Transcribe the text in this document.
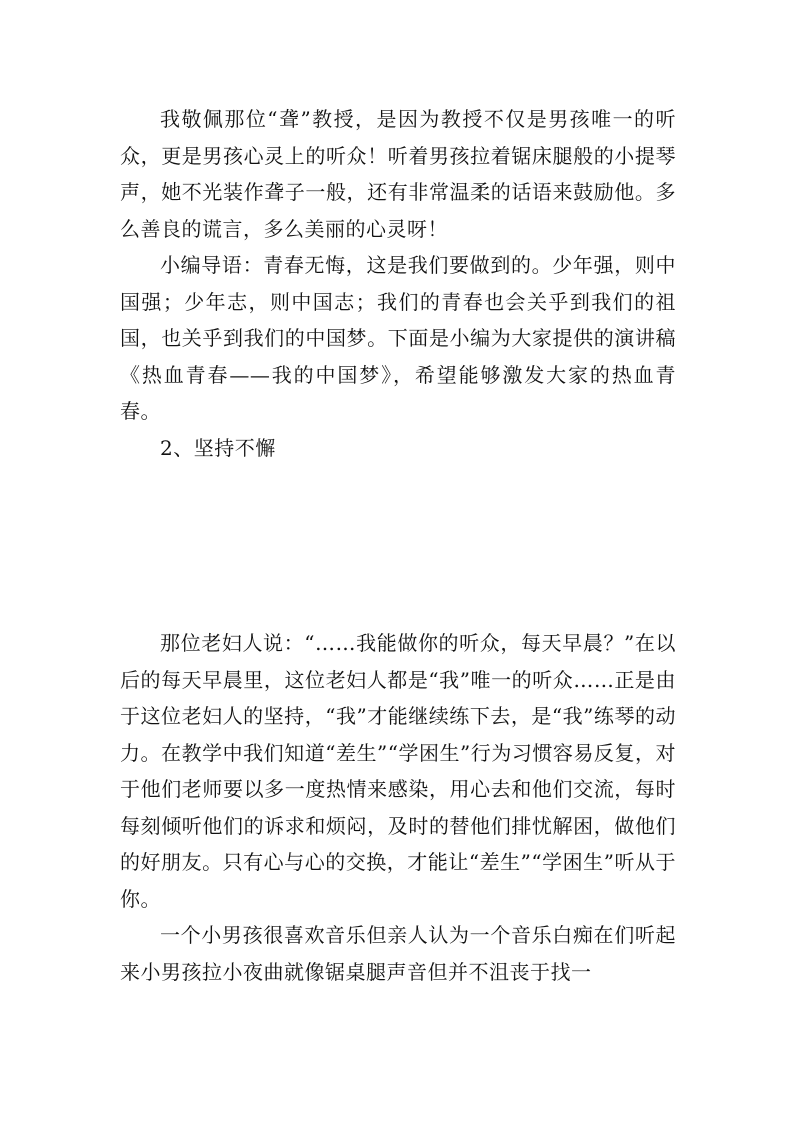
我敬佩那位“聋”教授，是因为教授不仅是男孩唯一的听众，更是男孩心灵上的听众！听着男孩拉着锯床腿般的小提琴声，她不光装作聋子一般，还有非常温柔的话语来鼓励他。多么善良的谎言，多么美丽的心灵呀！

小编导语：青春无悔，这是我们要做到的。少年强，则中国强；少年志，则中国志；我们的青春也会关乎到我们的祖国，也关乎到我们的中国梦。下面是小编为大家提供的演讲稿《热血青春——我的中国梦》，希望能够激发大家的热血青春。

2、坚持不懈

那位老妇人说：“……我能做你的听众，每天早晨？”在以后的每天早晨里，这位老妇人都是“我”唯一的听众……正是由于这位老妇人的坚持，“我”才能继续练下去，是“我”练琴的动力。在教学中我们知道“差生”“学困生”行为习惯容易反复，对于他们老师要以多一度热情来感染，用心去和他们交流，每时每刻倾听他们的诉求和烦闷，及时的替他们排忧解困，做他们的好朋友。只有心与心的交换，才能让“差生”“学困生”听从于你。

一个小男孩很喜欢音乐但亲人认为一个音乐白痴在们听起来小男孩拉小夜曲就像锯桌腿声音但并不沮丧于找一
